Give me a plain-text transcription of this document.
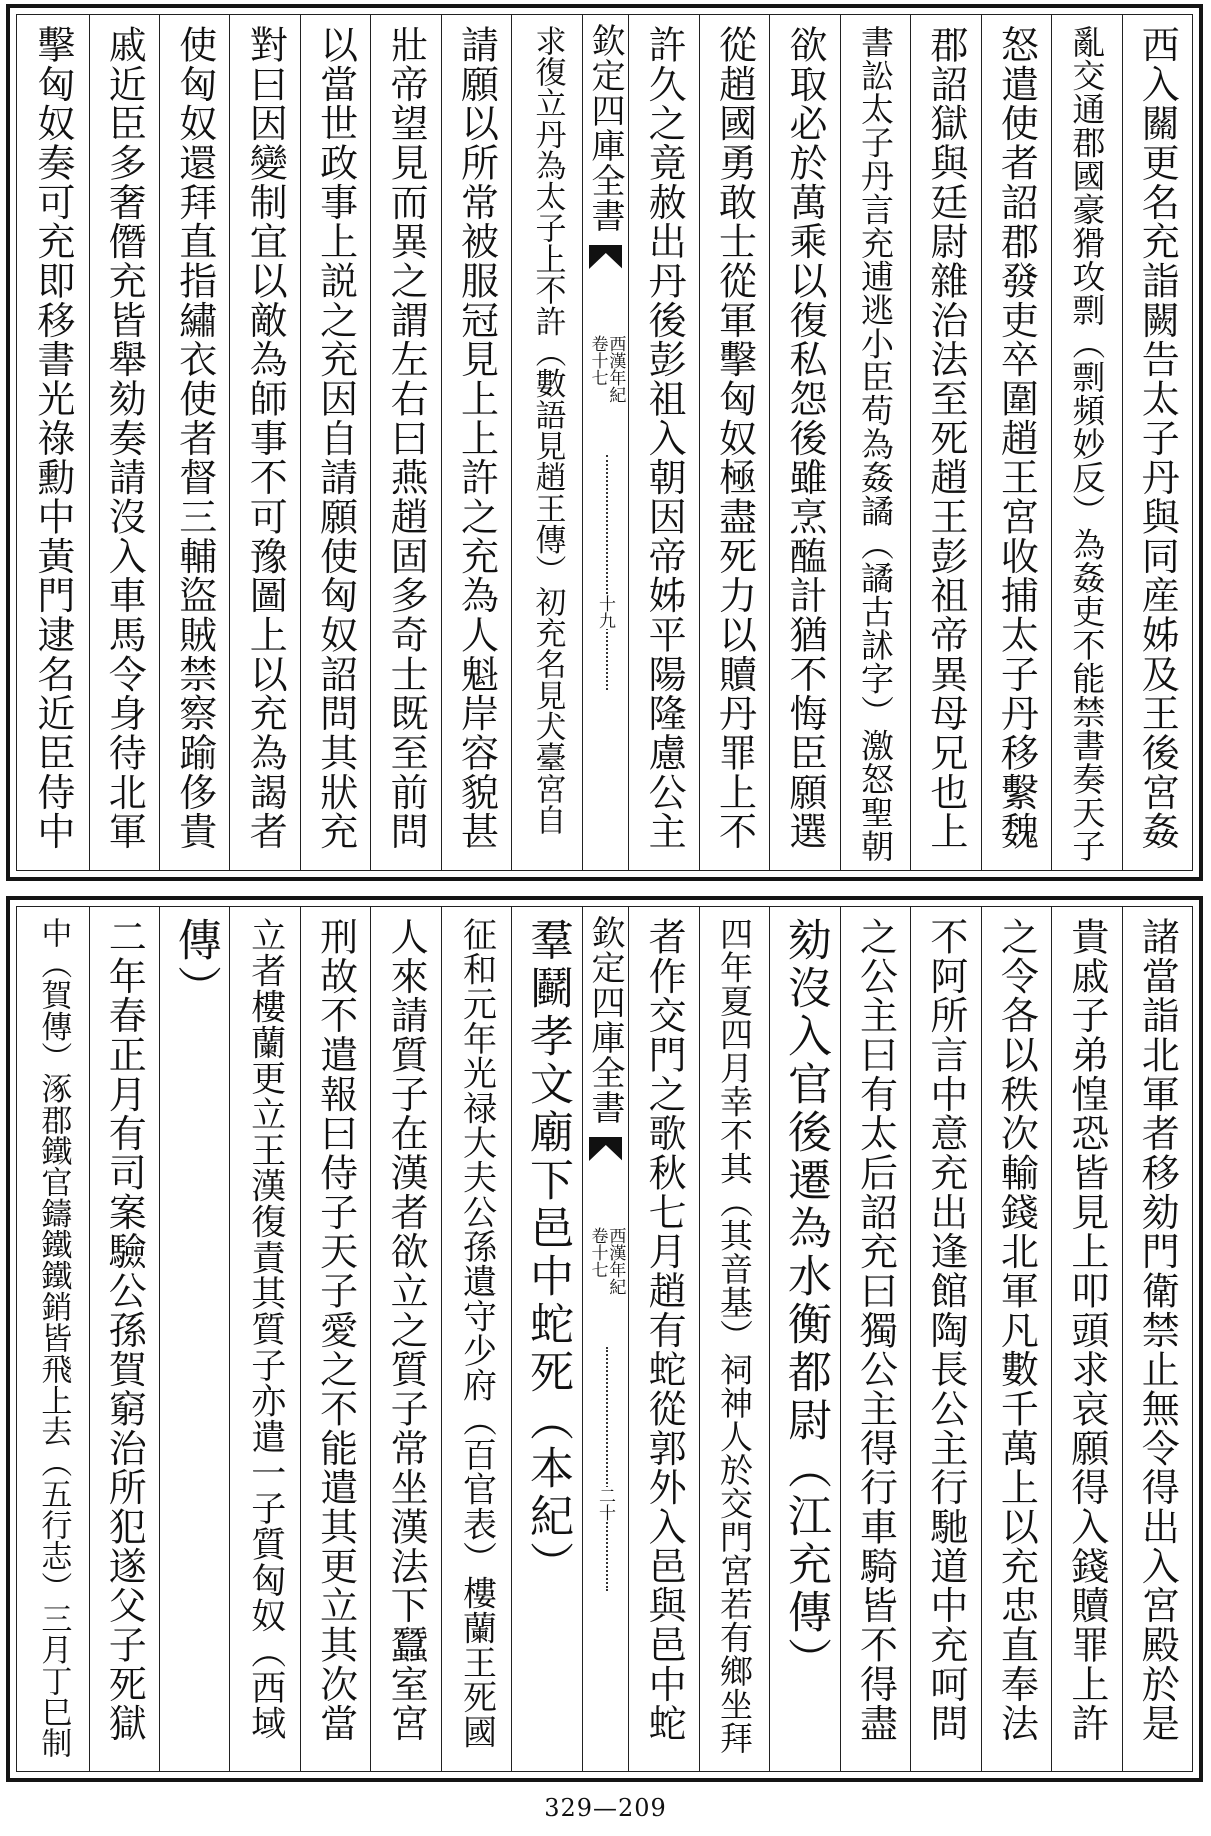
西入關更名充詣闕告太子丹與同産姊及王後宮姦
亂交通郡國豪猾攻剽（剽頻妙反）為姦吏不能禁書奏天子
怒遣使者詔郡發吏卒圍趙王宮收捕太子丹移繫魏
郡詔獄與廷尉雜治法至死趙王彭祖帝異母兄也上
書訟太子丹言充逋逃小臣苟為姦譎（譎古訹字）激怒聖朝
欲取必於萬乘以復私怨後雖烹醢計猶不悔臣願選
從趙國勇敢士從軍擊匈奴極盡死力以贖丹罪上不
許久之竟赦出丹後彭祖入朝因帝姊平陽隆慮公主
欽定四庫全書
西漢年紀
卷十七
十九
求復立丹為太子上不許（數語見趙王傳）初充名見犬臺宮自
請願以所常被服冠見上上許之充為人魁岸容貌甚
壯帝望見而異之謂左右曰燕趙固多奇士既至前問
以當世政事上説之充因自請願使匈奴詔問其狀充
對曰因變制宜以敵為師事不可豫圖上以充為謁者
使匈奴還拜直指繡衣使者督三輔盜賊禁察踰侈貴
戚近臣多奢僭充皆舉劾奏請沒入車馬令身待北軍
擊匈奴奏可充即移書光祿勳中黃門逮名近臣侍中
諸當詣北軍者移劾門衛禁止無令得出入宮殿於是
貴戚子弟惶恐皆見上叩頭求哀願得入錢贖罪上許
之令各以秩次輸錢北軍凡數千萬上以充忠直奉法
不阿所言中意充出逢館陶長公主行馳道中充呵問
之公主曰有太后詔充曰獨公主得行車騎皆不得盡
劾沒入官後遷為水衡都尉（江充傳）
四年夏四月幸不其（其音基）祠神人於交門宮若有鄉坐拜
者作交門之歌秋七月趙有蛇從郭外入邑與邑中蛇
欽定四庫全書
西漢年紀
卷十七
二十
羣鬬孝文廟下邑中蛇死（本紀）
征和元年光禄大夫公孫遺守少府（百官表）樓蘭王死國
人來請質子在漢者欲立之質子常坐漢法下蠶室宮
刑故不遣報曰侍子天子愛之不能遣其更立其次當
立者樓蘭更立王漢復責其質子亦遣一子質匈奴（西域
傳）
二年春正月有司案驗公孫賀窮治所犯遂父子死獄
中（賀傳）涿郡鐵官鑄鐵鐵銷皆飛上去（五行志）三月丁巳制
329—209
